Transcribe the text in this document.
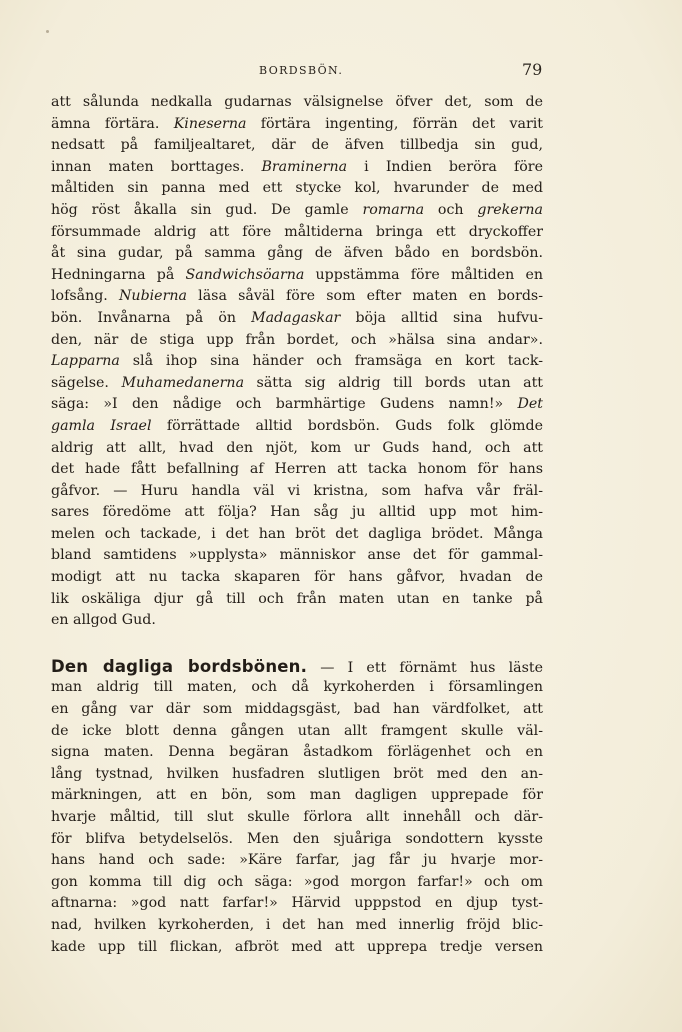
BORDSBÖN.	79
att sålunda nedkalla gudarnas välsignelse öfver det, som de
ämna förtära. Kineserna förtära ingenting, förrän det varit
nedsatt på familjealtaret, där de äfven tillbedja sin gud,
innan maten borttages. Braminerna i Indien beröra före
måltiden sin panna med ett stycke kol, hvarunder de med
hög röst åkalla sin gud. De gamle romarna och grekerna
försummade aldrig att före måltiderna bringa ett dryckoffer
åt sina gudar, på samma gång de äfven bådo en bordsbön.
Hedningarna på Sandwichsöarna uppstämma före måltiden en
lofsång. Nubierna läsa såväl före som efter maten en bords-
bön. Invånarna på ön Madagaskar böja alltid sina hufvu-
den, när de stiga upp från bordet, och »hälsa sina andar».
Lapparna slå ihop sina händer och framsäga en kort tack-
sägelse. Muhamedanerna sätta sig aldrig till bords utan att
säga: »I den nådige och barmhärtige Gudens namn!» Det
gamla Israel förrättade alltid bordsbön. Guds folk glömde
aldrig att allt, hvad den njöt, kom ur Guds hand, och att
det hade fått befallning af Herren att tacka honom för hans
gåfvor. — Huru handla väl vi kristna, som hafva vår fräl-
sares föredöme att följa? Han såg ju alltid upp mot him-
melen och tackade, i det han bröt det dagliga brödet. Många
bland samtidens »upplysta» människor anse det för gammal-
modigt att nu tacka skaparen för hans gåfvor, hvadan de
lik oskäliga djur gå till och från maten utan en tanke på
en allgod Gud.
Den dagliga bordsbönen. — I ett förnämt hus läste
man aldrig till maten, och då kyrkoherden i församlingen
en gång var där som middagsgäst, bad han värdfolket, att
de icke blott denna gången utan allt framgent skulle väl-
signa maten. Denna begäran åstadkom förlägenhet och en
lång tystnad, hvilken husfadren slutligen bröt med den an-
märkningen, att en bön, som man dagligen upprepade för
hvarje måltid, till slut skulle förlora allt innehåll och där-
för blifva betydelselös. Men den sjuåriga sondottern kysste
hans hand och sade: »Käre farfar, jag får ju hvarje mor-
gon komma till dig och säga: »god morgon farfar!» och om
aftnarna: »god natt farfar!» Härvid upppstod en djup tyst-
nad, hvilken kyrkoherden, i det han med innerlig fröjd blic-
kade upp till flickan, afbröt med att upprepa tredje versen
